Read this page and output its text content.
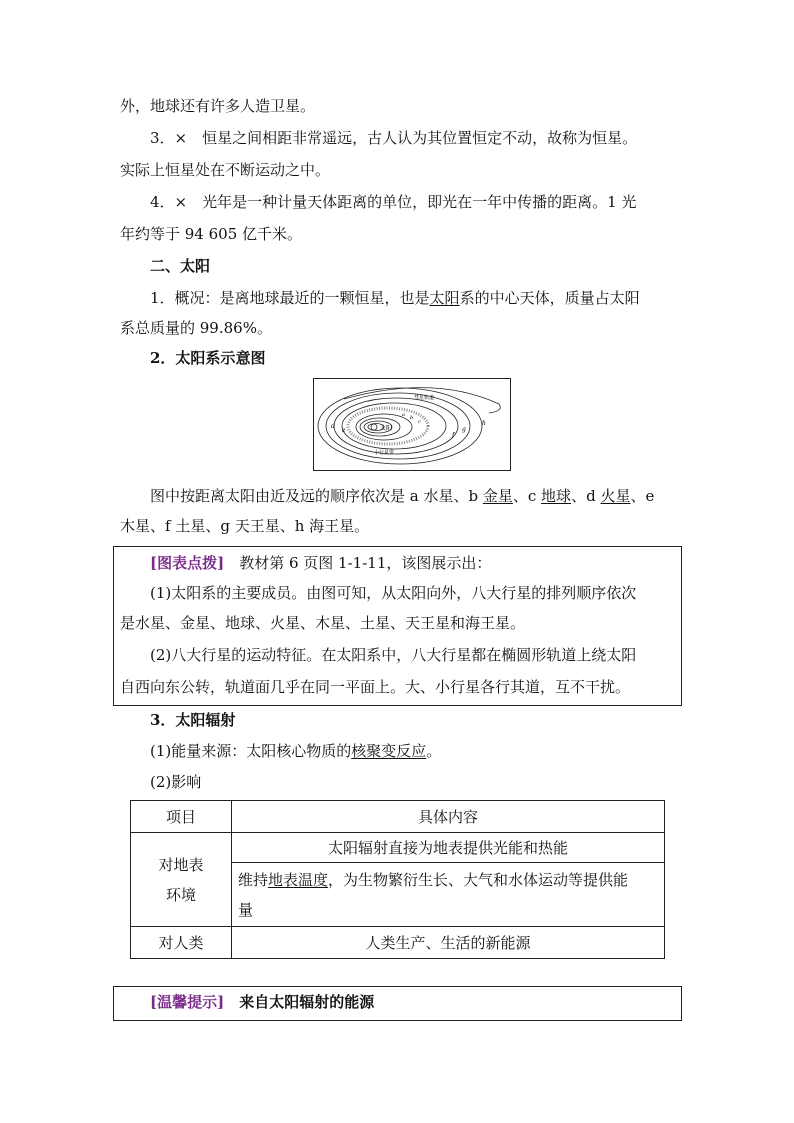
外，地球还有许多人造卫星。
3．×　恒星之间相距非常遥远，古人认为其位置恒定不动，故称为恒星。
实际上恒星处在不断运动之中。
4．×　光年是一种计量天体距离的单位，即光在一年中传播的距离。1 光
年约等于 94 605 亿千米。
二、太阳
1．概况：是离地球最近的一颗恒星，也是太阳系的中心天体，质量占太阳
系总质量的 99.86%。
2．太阳系示意图
太阳
小行星带
彗星轨道
d
e
f
g
h
c
b
a
图中按距离太阳由近及远的顺序依次是 a 水星、b 金星、c 地球、d 火星、e
木星、f 土星、g 天王星、h 海王星。
[图表点拨]　教材第 6 页图 1-1-11，该图展示出：
(1)太阳系的主要成员。由图可知，从太阳向外，八大行星的排列顺序依次
是水星、金星、地球、火星、木星、土星、天王星和海王星。
(2)八大行星的运动特征。在太阳系中，八大行星都在椭圆形轨道上绕太阳
自西向东公转，轨道面几乎在同一平面上。大、小行星各行其道，互不干扰。
3．太阳辐射
(1)能量来源：太阳核心物质的核聚变反应。
(2)影响
项目	具体内容
对地表
环境	太阳辐射直接为地表提供光能和热能
	维持地表温度，为生物繁衍生长、大气和水体运动等提供能
量
对人类	人类生产、生活的新能源
[温馨提示]　来自太阳辐射的能源
